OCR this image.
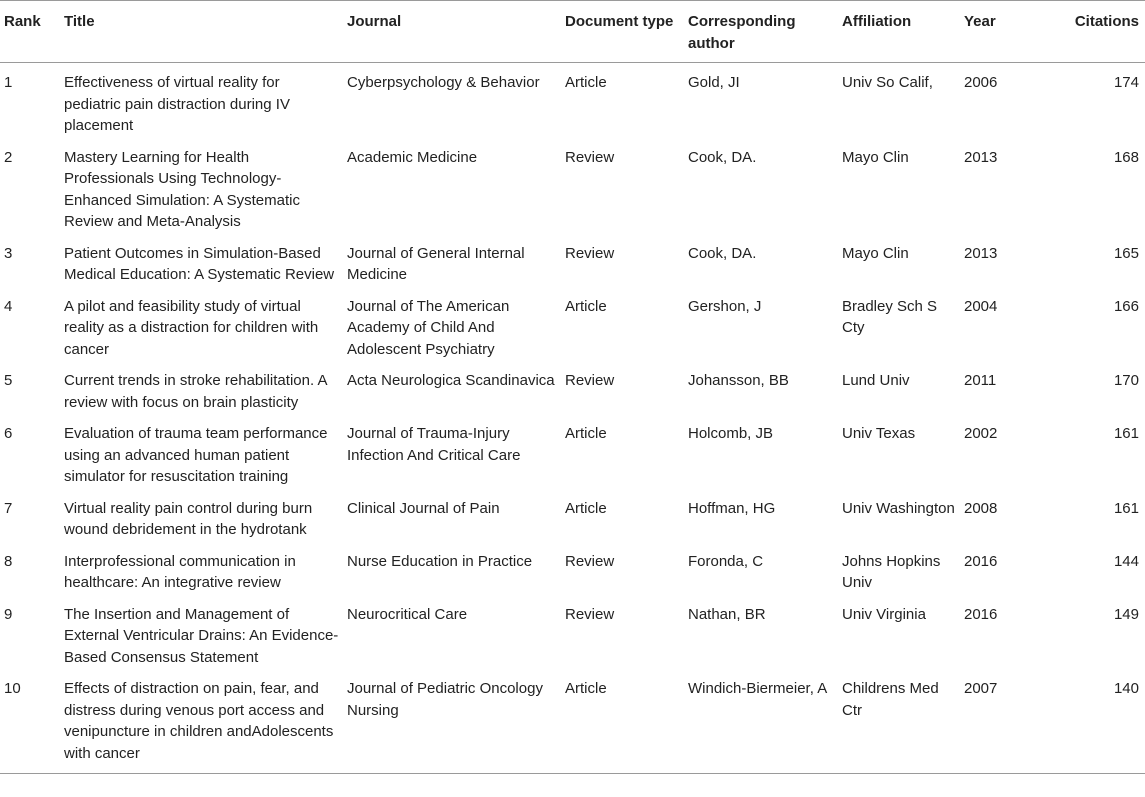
Rank	Title	Journal	Document type	Corresponding author	Affiliation	Year	Citations
1	Effectiveness of virtual reality for pediatric pain distraction during IV placement	Cyberpsychology & Behavior	Article	Gold, JI	Univ So Calif,	2006	174
2	Mastery Learning for Health Professionals Using Technology-Enhanced Simulation: A Systematic Review and Meta-Analysis	Academic Medicine	Review	Cook, DA.	Mayo Clin	2013	168
3	Patient Outcomes in Simulation-Based Medical Education: A Systematic Review	Journal of General Internal Medicine	Review	Cook, DA.	Mayo Clin	2013	165
4	A pilot and feasibility study of virtual reality as a distraction for children with cancer	Journal of The American Academy of Child And Adolescent Psychiatry	Article	Gershon, J	Bradley Sch S Cty	2004	166
5	Current trends in stroke rehabilitation. A review with focus on brain plasticity	Acta Neurologica Scandinavica	Review	Johansson, BB	Lund Univ	2011	170
6	Evaluation of trauma team performance using an advanced human patient simulator for resuscitation training	Journal of Trauma-Injury Infection And Critical Care	Article	Holcomb, JB	Univ Texas	2002	161
7	Virtual reality pain control during burn wound debridement in the hydrotank	Clinical Journal of Pain	Article	Hoffman, HG	Univ Washington	2008	161
8	Interprofessional communication in healthcare: An integrative review	Nurse Education in Practice	Review	Foronda, C	Johns Hopkins Univ	2016	144
9	The Insertion and Management of External Ventricular Drains: An Evidence-Based Consensus Statement	Neurocritical Care	Review	Nathan, BR	Univ Virginia	2016	149
10	Effects of distraction on pain, fear, and distress during venous port access and venipuncture in children andAdolescents with cancer	Journal of Pediatric Oncology Nursing	Article	Windich-Biermeier, A	Childrens Med Ctr	2007	140
